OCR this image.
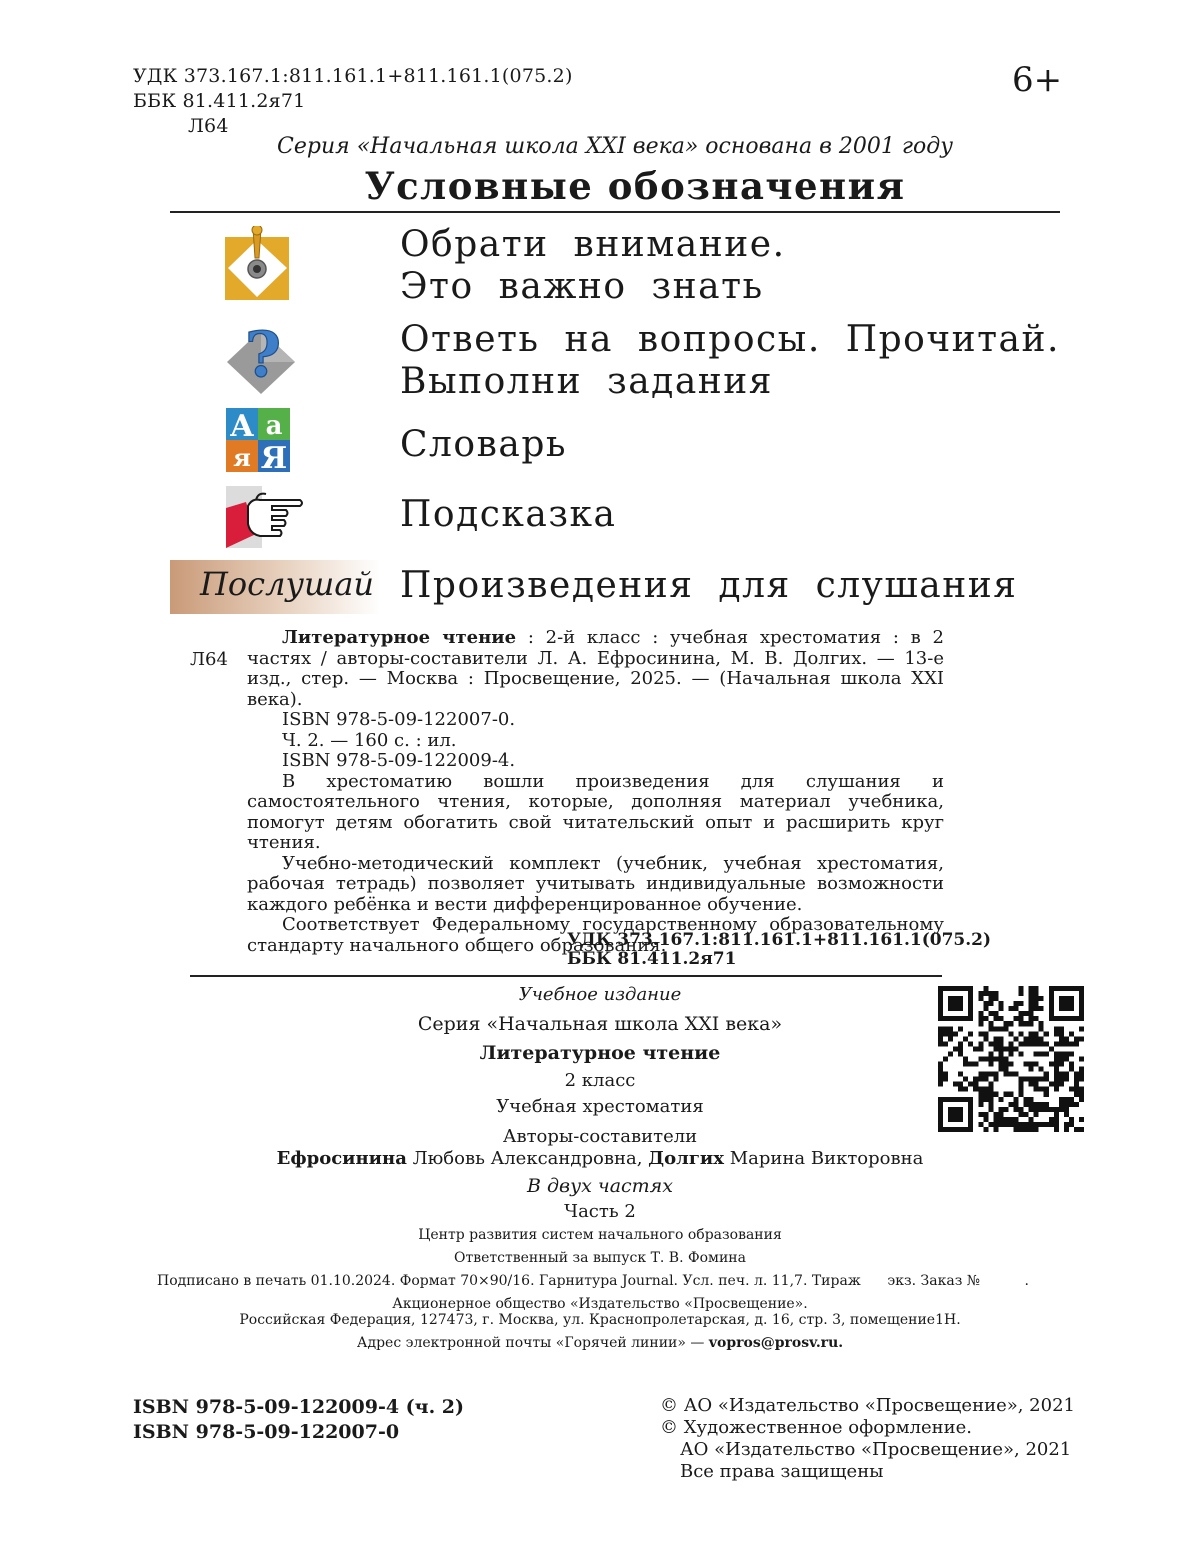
УДК 373.167.1:811.161.1+811.161.1(075.2)
ББК 81.411.2я71
Л64
6+
Серия «Начальная школа XXI века» основана в 2001 году
Условные обозначения
?
А а
я Я
Обрати внимание.
Это важно знать
Ответь на вопросы. Прочитай.
Выполни задания
Словарь
Подсказка
Послушай Произведения для слушания
Л64

Литературное чтение : 2-й класс : учебная хрестоматия : в 2 частях / авторы-составители Л. А. Ефросинина, М. В. Долгих. — 13-е изд., стер. — Москва : Просвещение, 2025. — (Начальная школа XXI века).

ISBN 978-5-09-122007-0.

Ч. 2. — 160 с. : ил.

ISBN 978-5-09-122009-4.

В хрестоматию вошли произведения для слушания и самостоятельного чтения, которые, дополняя материал учебника, помогут детям обогатить свой читательский опыт и расширить круг чтения.

Учебно-методический комплект (учебник, учебная хрестоматия, рабочая тетрадь) позволяет учитывать индивидуальные возможности каждого ребёнка и вести дифференцированное обучение.

Соответствует Федеральному государственному образовательному стандарту начального общего образования.

УДК 373.167.1:811.161.1+811.161.1(075.2)
ББК 81.411.2я71
Учебное издание
Серия «Начальная школа XXI века»
Литературное чтение
2 класс
Учебная хрестоматия
Авторы-составители
Ефросинина Любовь Александровна, Долгих Марина Викторовна
В двух частях
Часть 2
Центр развития систем начального образования
Ответственный за выпуск Т. В. Фомина
Подписано в печать 01.10.2024. Формат 70×90/16. Гарнитура Journal. Усл. печ. л. 11,7. Тираж      экз. Заказ №          .
Акционерное общество «Издательство «Просвещение».
Российская Федерация, 127473, г. Москва, ул. Краснопролетарская, д. 16, стр. 3, помещение1Н.
Адрес электронной почты «Горячей линии» — vopros@prosv.ru.
ISBN 978-5-09-122009-4 (ч. 2)
ISBN 978-5-09-122007-0
© АО «Издательство «Просвещение», 2021
© Художественное оформление.
АО «Издательство «Просвещение», 2021
Все права защищены
